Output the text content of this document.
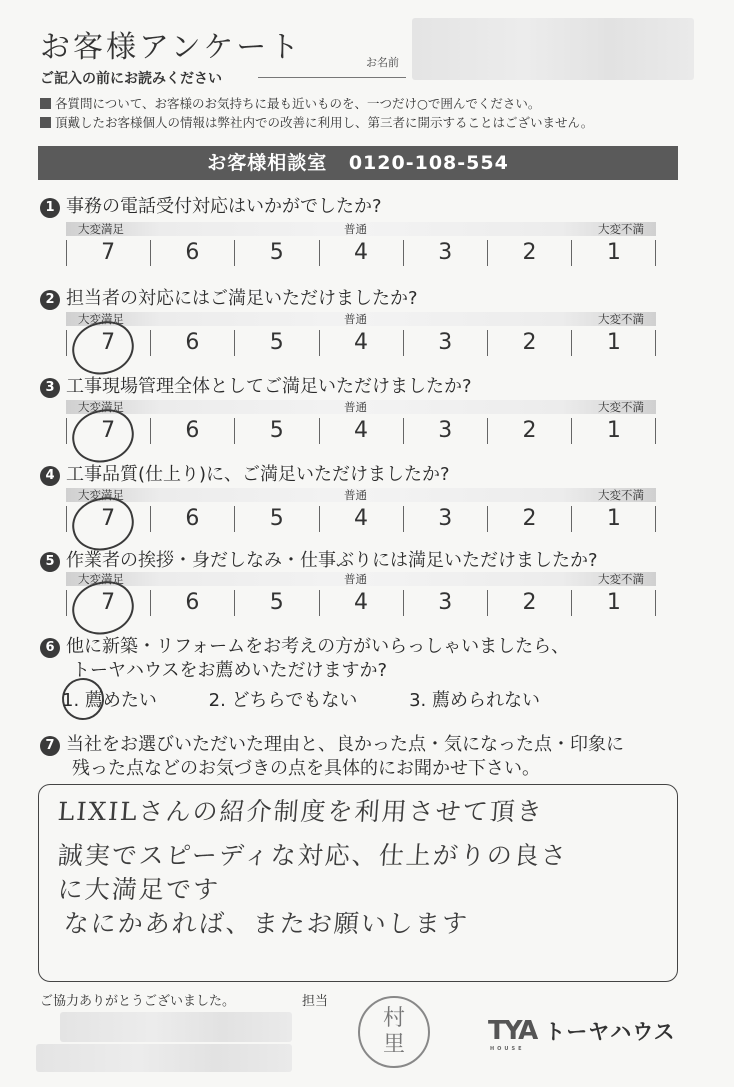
お客様アンケート	お名前
ご記入の前にお読みください
各質問について、お客様のお気持ちに最も近いものを、一つだけ○で囲んでください。
頂戴したお客様個人の情報は弊社内での改善に利用し、第三者に開示することはございません。
お客様相談室 0120-108-554
1 事務の電話受付対応はいかがでしたか?
大変満足	普通	大変不満
7	6	5	4	3	2	1
2 担当者の対応にはご満足いただけましたか?
大変満足	普通	大変不満
7	6	5	4	3	2	1
3 工事現場管理全体としてご満足いただけましたか?
大変満足	普通	大変不満
7	6	5	4	3	2	1
4 工事品質(仕上り)に、ご満足いただけましたか?
大変満足	普通	大変不満
7	6	5	4	3	2	1
5 作業者の挨拶・身だしなみ・仕事ぶりには満足いただけましたか?
大変満足	普通	大変不満
7	6	5	4	3	2	1
6 他に新築・リフォームをお考えの方がいらっしゃいましたら、
トーヤハウスをお薦めいただけますか?
1. 薦めたい	2. どちらでもない	3. 薦められない
7 当社をお選びいただいた理由と、良かった点・気になった点・印象に
残った点などのお気づきの点を具体的にお聞かせ下さい。
LIXILさんの紹介制度を利用させて頂き
誠実でスピーディな対応、仕上がりの良さ
に大満足です
なにかあれば、またお願いします
ご協力ありがとうございました。	担当
村
里	TYA
HOUSE
トーヤハウス
